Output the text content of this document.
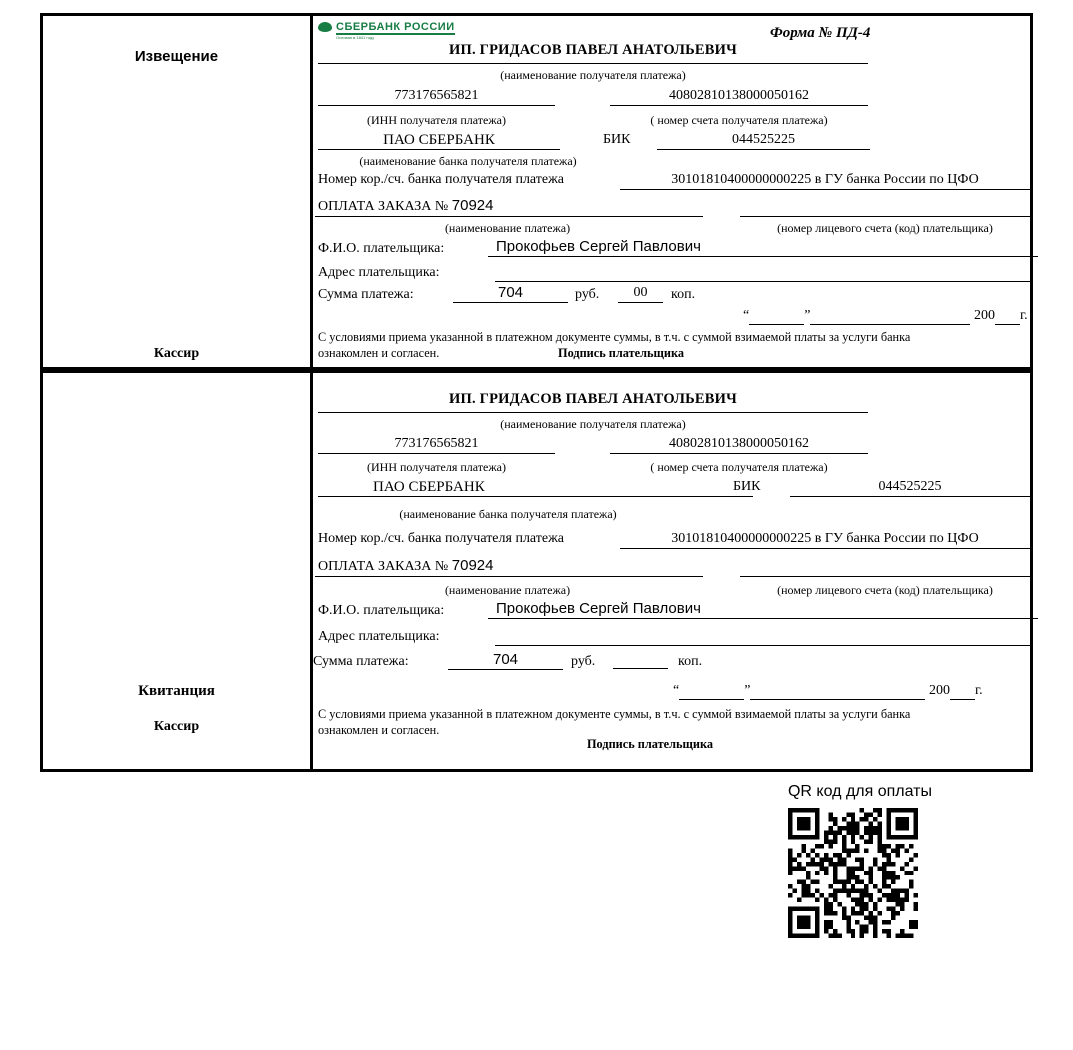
Извещение
Кассир
СБЕРБАНК РОССИИ
Основан в 1841 году	Форма № ПД-4
ИП. ГРИДАСОВ ПАВЕЛ АНАТОЛЬЕВИЧ
(наименование получателя платежа)
773176565821	40802810138000050162
(ИНН получателя платежа)	( номер счета получателя платежа)
ПАО СБЕРБАНК	БИК	044525225
(наименование банка получателя платежа)
Номер кор./сч. банка получателя платежа	30101810400000000225 в ГУ банка России по ЦФО
ОПЛАТА ЗАКАЗА № 70924
(наименование платежа)	(номер лицевого счета (код) плательщика)
Ф.И.О. плательщика:	Прокофьев Сергей Павлович
Адрес плательщика:
Сумма платежа:	704	руб.	00	коп.
“	”	200 г.
С условиями приема указанной в платежном документе суммы, в т.ч. с суммой взимаемой платы за услуги банка
ознакомлен и согласен.	Подпись плательщика
Квитанция
Кассир
ИП. ГРИДАСОВ ПАВЕЛ АНАТОЛЬЕВИЧ
(наименование получателя платежа)
773176565821	40802810138000050162
(ИНН получателя платежа)	( номер счета получателя платежа)
ПАО СБЕРБАНК	БИК	044525225
(наименование банка получателя платежа)
Номер кор./сч. банка получателя платежа	30101810400000000225 в ГУ банка России по ЦФО
ОПЛАТА ЗАКАЗА № 70924
(наименование платежа)	(номер лицевого счета (код) плательщика)
Ф.И.О. плательщика:	Прокофьев Сергей Павлович
Адрес плательщика:
Сумма платежа:	704	руб.	коп.
“	”	200 г.
С условиями приема указанной в платежном документе суммы, в т.ч. с суммой взимаемой платы за услуги банка
ознакомлен и согласен.
Подпись плательщика
QR код для оплаты
